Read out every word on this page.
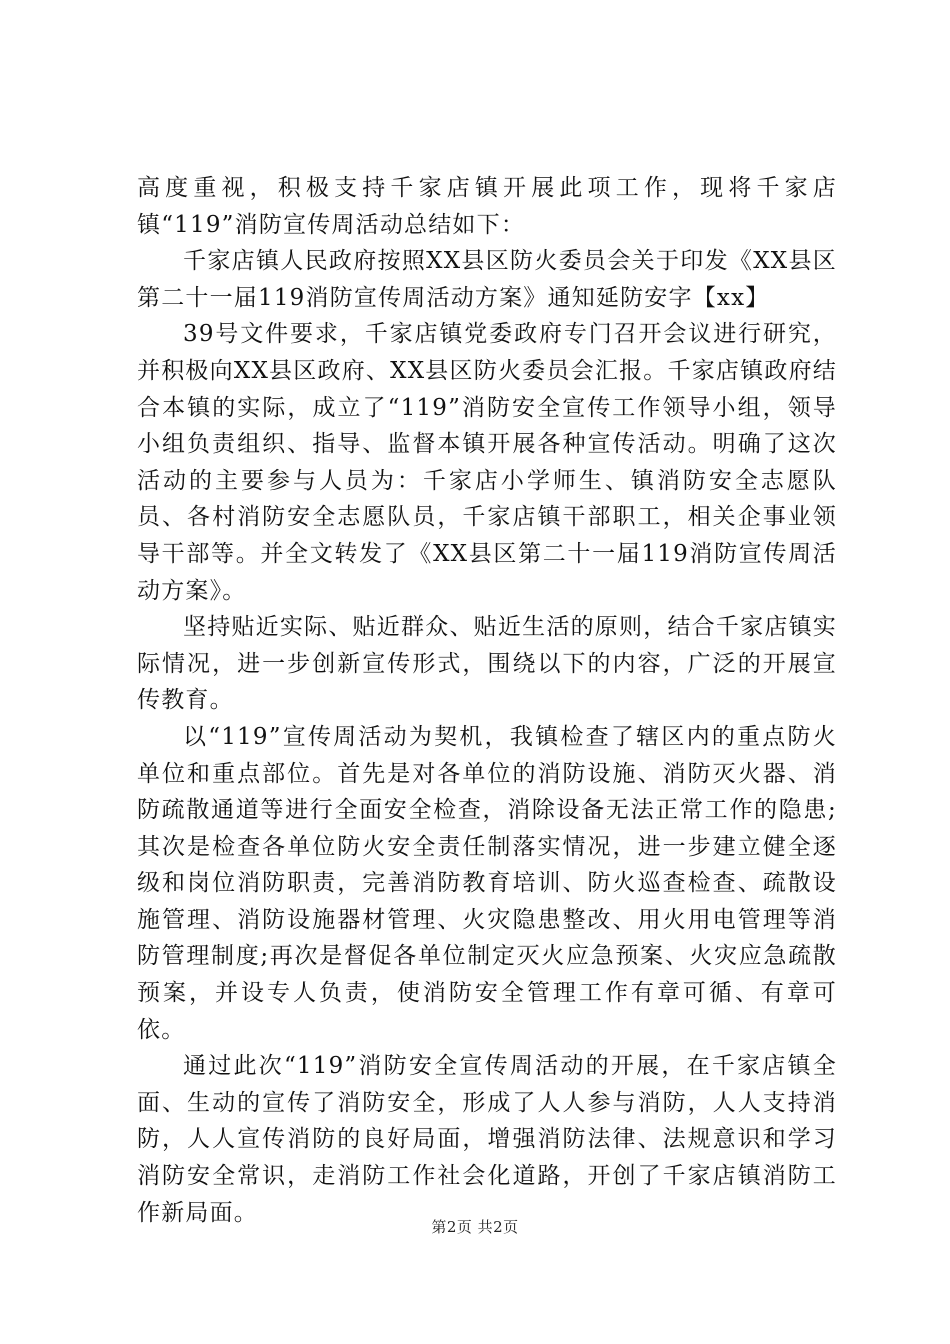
高度重视，积极支持千家店镇开展此项工作，现将千家店镇“119”消防宣传周活动总结如下：

千家店镇人民政府按照XX县区防火委员会关于印发《XX县区第二十一届119消防宣传周活动方案》通知延防安字【xx】

39号文件要求，千家店镇党委政府专门召开会议进行研究，并积极向XX县区政府、XX县区防火委员会汇报。千家店镇政府结合本镇的实际，成立了“119”消防安全宣传工作领导小组，领导小组负责组织、指导、监督本镇开展各种宣传活动。明确了这次活动的主要参与人员为：千家店小学师生、镇消防安全志愿队员、各村消防安全志愿队员，千家店镇干部职工，相关企事业领导干部等。并全文转发了《XX县区第二十一届119消防宣传周活动方案》。

坚持贴近实际、贴近群众、贴近生活的原则，结合千家店镇实际情况，进一步创新宣传形式，围绕以下的内容，广泛的开展宣传教育。

以“119”宣传周活动为契机，我镇检查了辖区内的重点防火单位和重点部位。首先是对各单位的消防设施、消防灭火器、消防疏散通道等进行全面安全检查，消除设备无法正常工作的隐患;其次是检查各单位防火安全责任制落实情况，进一步建立健全逐级和岗位消防职责，完善消防教育培训、防火巡查检查、疏散设施管理、消防设施器材管理、火灾隐患整改、用火用电管理等消防管理制度;再次是督促各单位制定灭火应急预案、火灾应急疏散预案，并设专人负责，使消防安全管理工作有章可循、有章可依。

通过此次“119”消防安全宣传周活动的开展，在千家店镇全面、生动的宣传了消防安全，形成了人人参与消防，人人支持消防，人人宣传消防的良好局面，增强消防法律、法规意识和学习消防安全常识，走消防工作社会化道路，开创了千家店镇消防工作新局面。

第2页 共2页
